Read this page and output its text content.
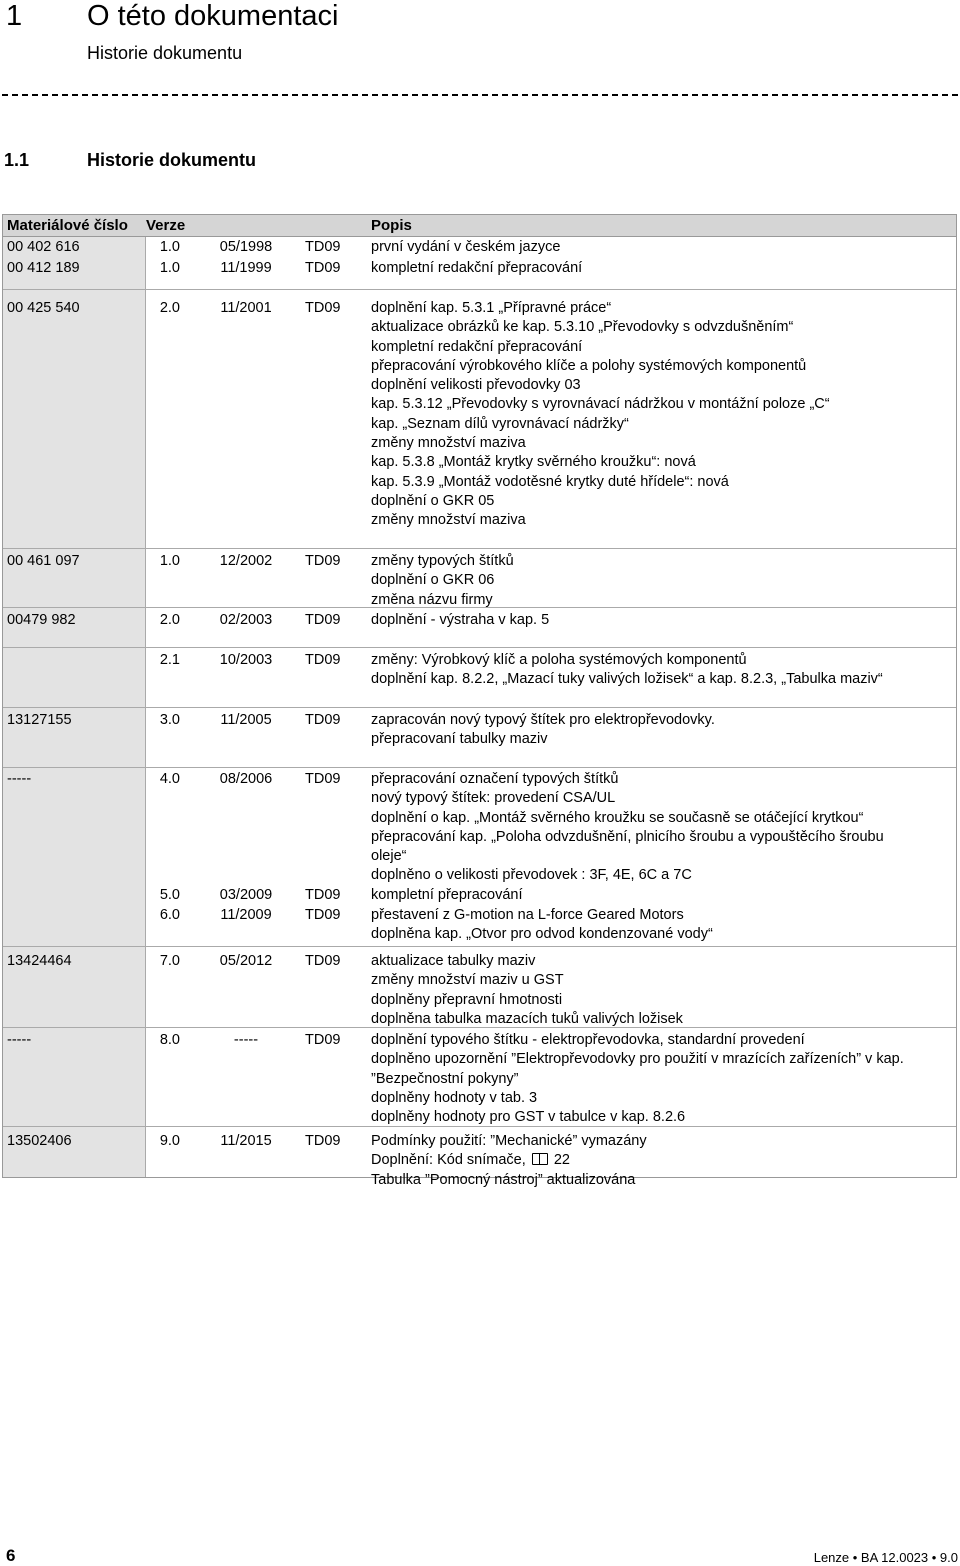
1 O této dokumentaci
Historie dokumentu
1.1	Historie dokumentu
Materiálové číslo Verze	Popis
00 402 616	1.0	05/1998	TD09 první vydání v českém jazyce
00 412 189	1.0	11/1999	TD09 kompletní redakční přepracování
00 425 540	2.0	11/2001	TD09 doplnění kap. 5.3.1 „Přípravné práce“
aktualizace obrázků ke kap. 5.3.10 „Převodovky s odvzdušněním“
kompletní redakční přepracování
přepracování výrobkového klíče a polohy systémových komponentů
doplnění velikosti převodovky 03
kap. 5.3.12 „Převodovky s vyrovnávací nádržkou v montážní poloze „C“
kap. „Seznam dílů vyrovnávací nádržky“
změny množství maziva
kap. 5.3.8 „Montáž krytky svěrného kroužku“: nová
kap. 5.3.9 „Montáž vodotěsné krytky duté hřídele“: nová
doplnění o GKR 05
změny množství maziva
00 461 097	1.0	12/2002	TD09 změny typových štítků
doplnění o GKR 06
změna názvu firmy
00479 982	2.0	02/2003	TD09 doplnění - výstraha v kap. 5
2.1	10/2003	TD09 změny: Výrobkový klíč a poloha systémových komponentů
doplnění kap. 8.2.2, „Mazací tuky valivých ložisek“ a kap. 8.2.3, „Tabulka maziv“
13127155	3.0	11/2005	TD09 zapracován nový typový štítek pro elektropřevodovky.
přepracovaní tabulky maziv
-----	4.0	08/2006	TD09 přepracování označení typových štítků
nový typový štítek: provedení CSA/UL
doplnění o kap. „Montáž svěrného kroužku se současně se otáčející krytkou“
přepracování kap. „Poloha odvzdušnění, plnicího šroubu a vypouštěcího šroubu
oleje“
doplněno o velikosti převodovek : 3F, 4E, 6C a 7C
5.0	03/2009	TD09 kompletní přepracování
6.0	11/2009	TD09 přestavení z G-motion na L-force Geared Motors
doplněna kap. „Otvor pro odvod kondenzované vody“
13424464	7.0	05/2012	TD09 aktualizace tabulky maziv
změny množství maziv u GST
doplněny přepravní hmotnosti
doplněna tabulka mazacích tuků valivých ložisek
-----	8.0	-----	TD09 doplnění typového štítku - elektropřevodovka, standardní provedení
doplněno upozornění ”Elektropřevodovky pro použití v mrazících zařízeních” v kap.
”Bezpečnostní pokyny”
doplněny hodnoty v tab. 3
doplněny hodnoty pro GST v tabulce v kap. 8.2.6
13502406	9.0	11/2015	TD09 Podmínky použití: ”Mechanické” vymazány
Doplnění: Kód snímače, 22
Tabulka ”Pomocný nástroj” aktualizována
6	Lenze • BA 12.0023 • 9.0
